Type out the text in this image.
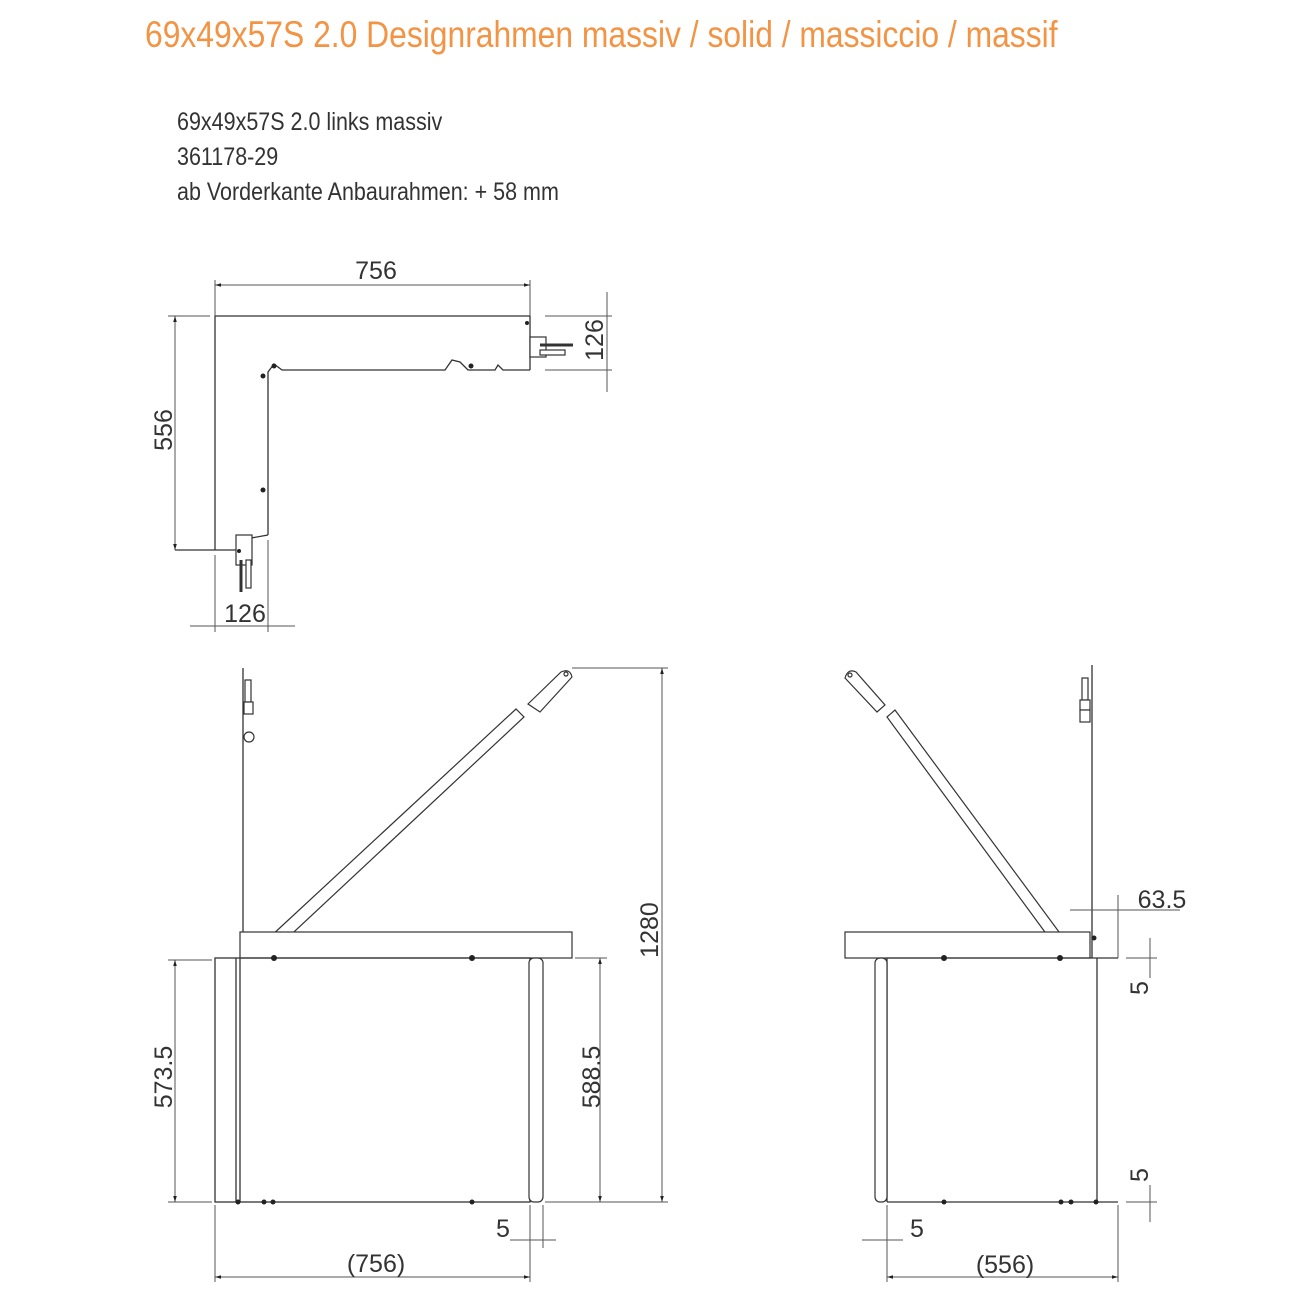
69x49x57S 2.0 Designrahmen massiv / solid / massiccio / massif
69x49x57S 2.0 links massiv
361178-29
ab Vorderkante Anbaurahmen: + 58 mm
756
556
126
126
1280
573.5	588.5
5
(756)
63.5
5
5
5
(556)
